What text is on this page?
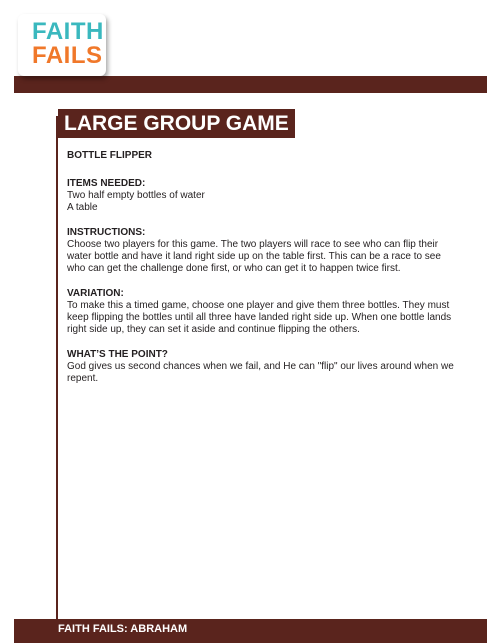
FAITH
FAILS
LARGE GROUP GAME

BOTTLE FLIPPER

ITEMS NEEDED:

Two half empty bottles of water

A table

INSTRUCTIONS:

Choose two players for this game. The two players will race to see who can flip their water bottle and have it land right side up on the table first. This can be a race to see who can get the challenge done first, or who can get it to happen twice first.

VARIATION:

To make this a timed game, choose one player and give them three bottles. They must keep flipping the bottles until all three have landed right side up. When one bottle lands right side up, they can set it aside and continue flipping the others.

WHAT’S THE POINT?

God gives us second chances when we fail, and He can "flip" our lives around when we repent.

FAITH FAILS: ABRAHAM
